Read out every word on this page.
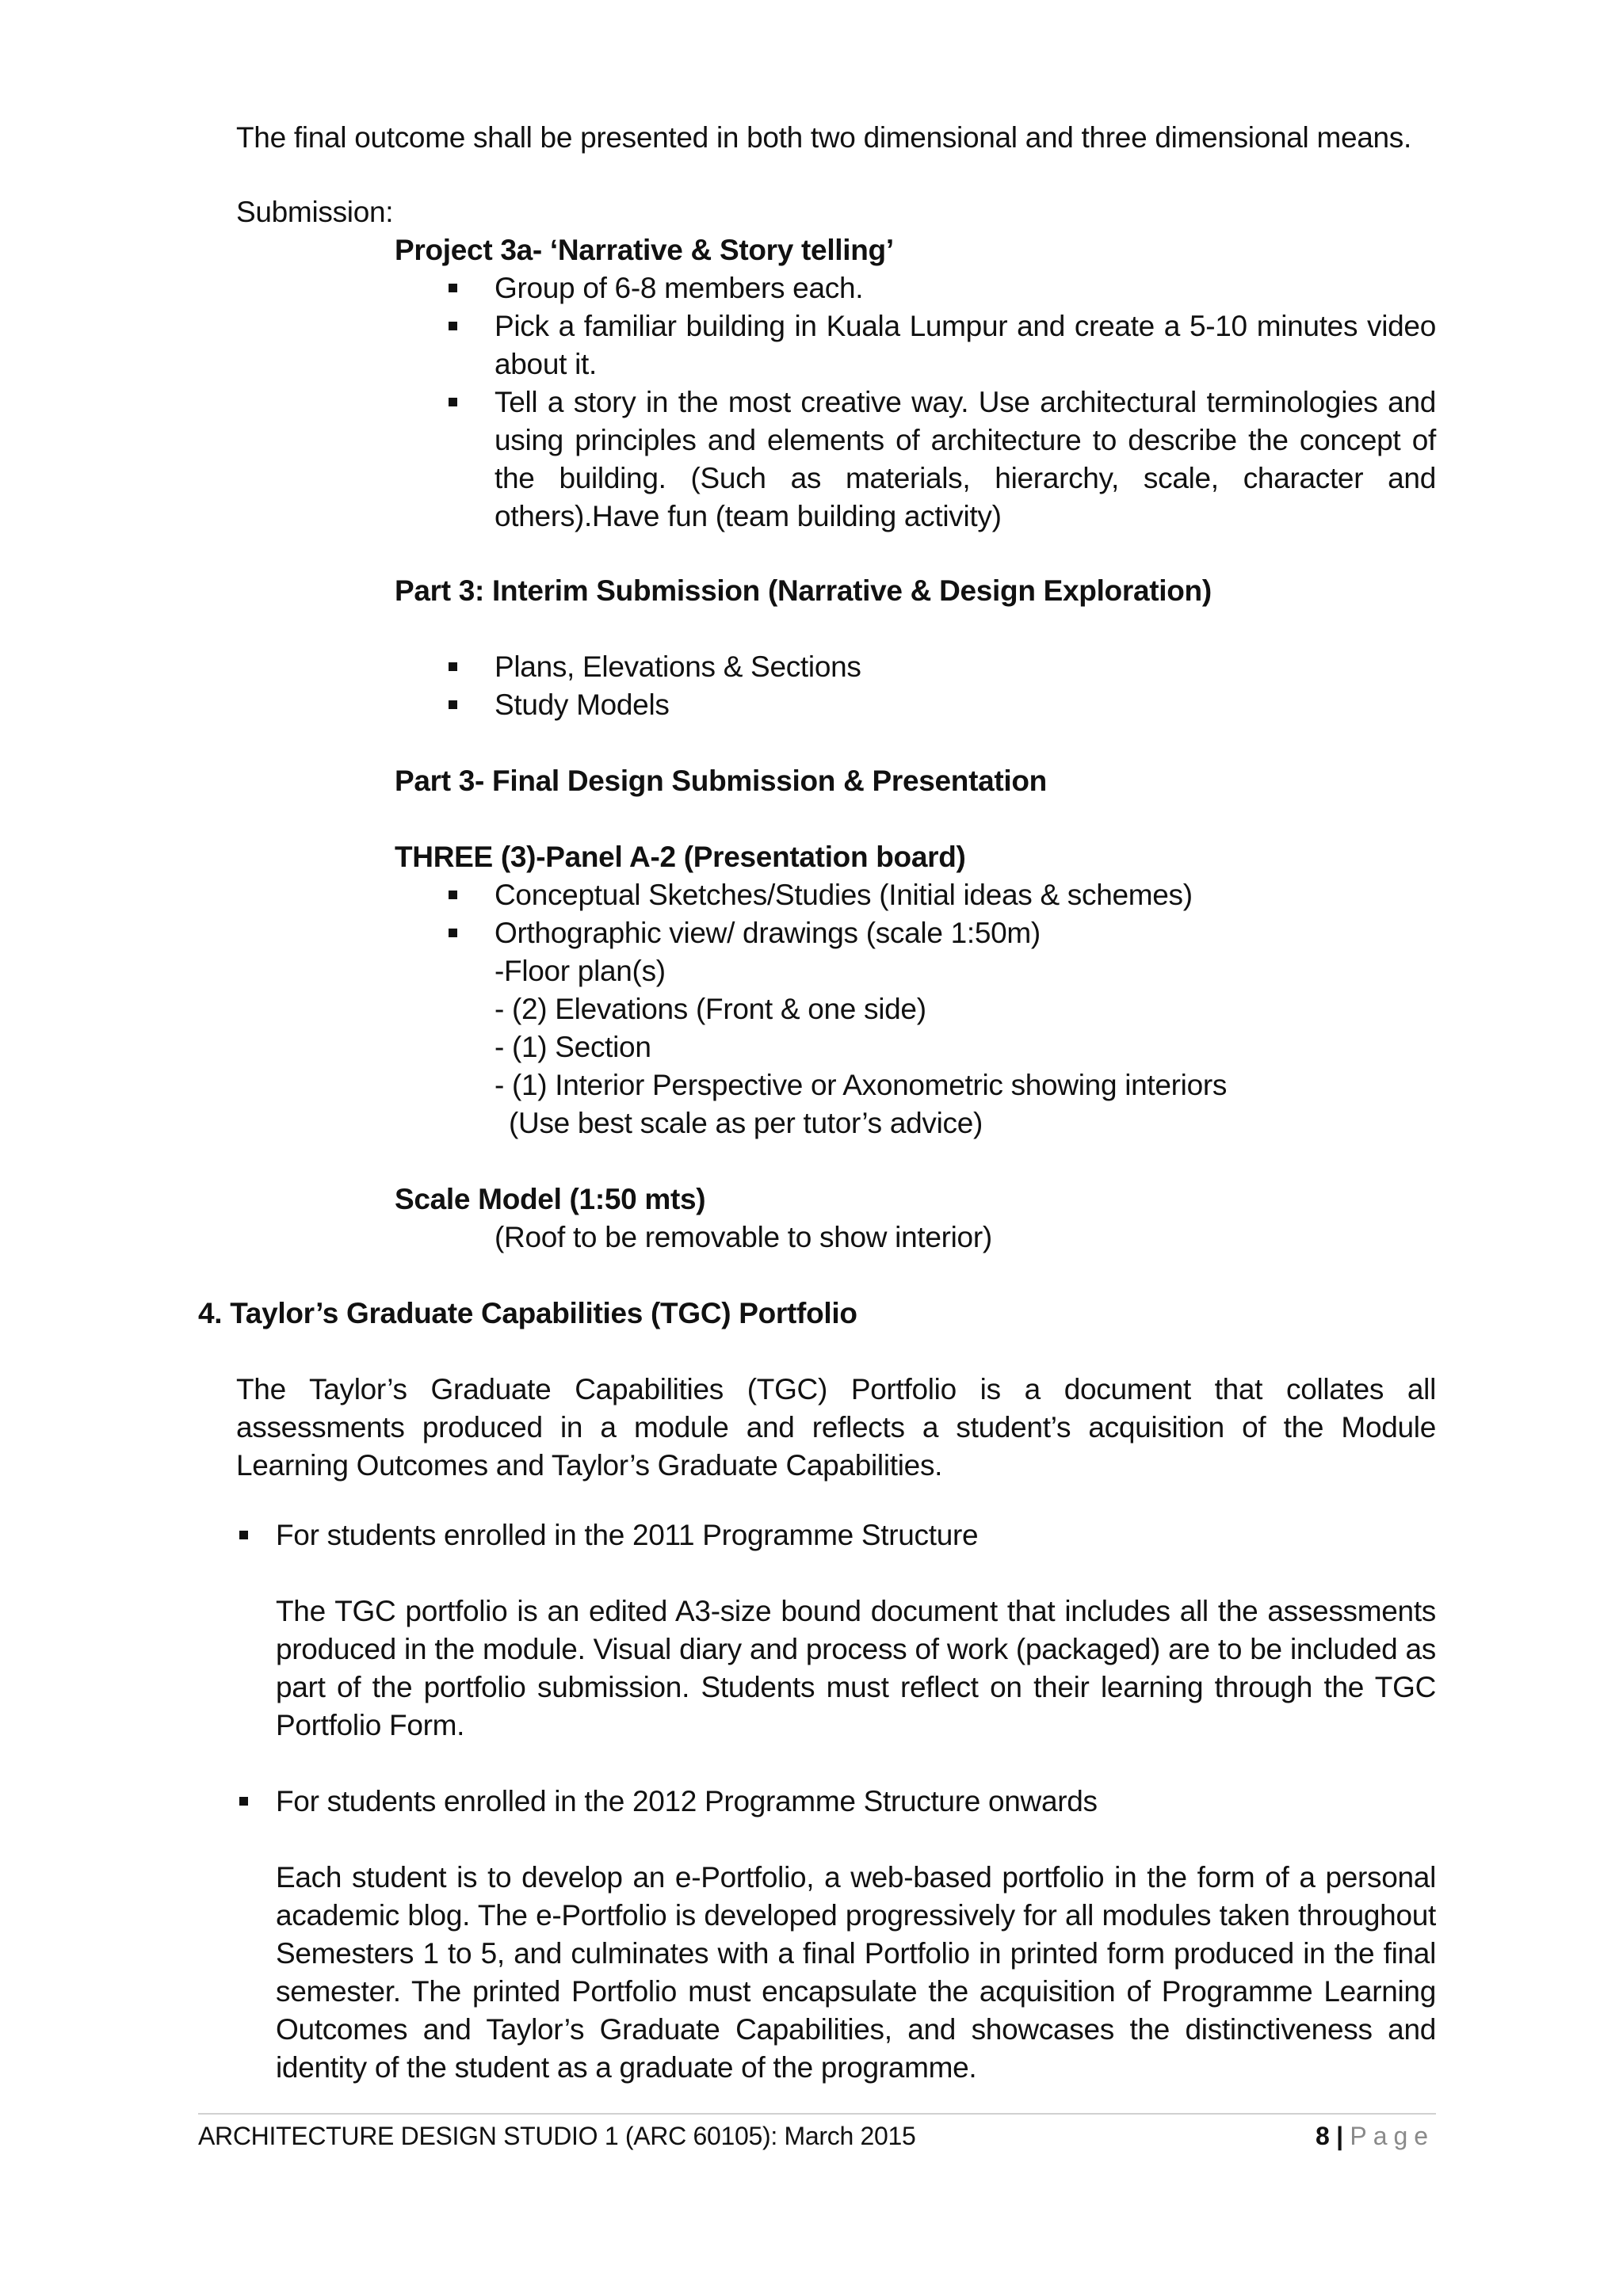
The final outcome shall be presented in both two dimensional and three dimensional means.
Submission:
Project 3a- ‘Narrative & Story telling’
Group of 6-8 members each.
Pick a familiar building in Kuala Lumpur and create a 5-10 minutes video about it.
Tell a story in the most creative way. Use architectural terminologies and using principles and elements of architecture to describe the concept of the building. (Such as materials, hierarchy, scale, character and others).Have fun (team building activity)
Part 3: Interim Submission (Narrative & Design Exploration)
Plans, Elevations & Sections
Study Models
Part 3- Final Design Submission & Presentation
THREE (3)-Panel A-2 (Presentation board)
Conceptual Sketches/Studies (Initial ideas & schemes)
Orthographic view/ drawings (scale 1:50m)
-Floor plan(s)
- (2) Elevations (Front & one side)
- (1) Section
- (1) Interior Perspective or Axonometric showing interiors
(Use best scale as per tutor’s advice)
Scale Model (1:50 mts)
(Roof to be removable to show interior)
4. Taylor’s Graduate Capabilities (TGC) Portfolio
The Taylor’s Graduate Capabilities (TGC) Portfolio is a document that collates all assessments produced in a module and reflects a student’s acquisition of the Module Learning Outcomes and Taylor’s Graduate Capabilities.
For students enrolled in the 2011 Programme Structure
The TGC portfolio is an edited A3-size bound document that includes all the assessments produced in the module. Visual diary and process of work (packaged) are to be included as part of the portfolio submission. Students must reflect on their learning through the TGC Portfolio Form.
For students enrolled in the 2012 Programme Structure onwards
Each student is to develop an e-Portfolio, a web-based portfolio in the form of a personal academic blog. The e-Portfolio is developed progressively for all modules taken throughout Semesters 1 to 5, and culminates with a final Portfolio in printed form produced in the final semester. The printed Portfolio must encapsulate the acquisition of Programme Learning Outcomes and Taylor’s Graduate Capabilities, and showcases the distinctiveness and identity of the student as a graduate of the programme.
ARCHITECTURE DESIGN STUDIO 1 (ARC 60105): March 2015	8 | Page
